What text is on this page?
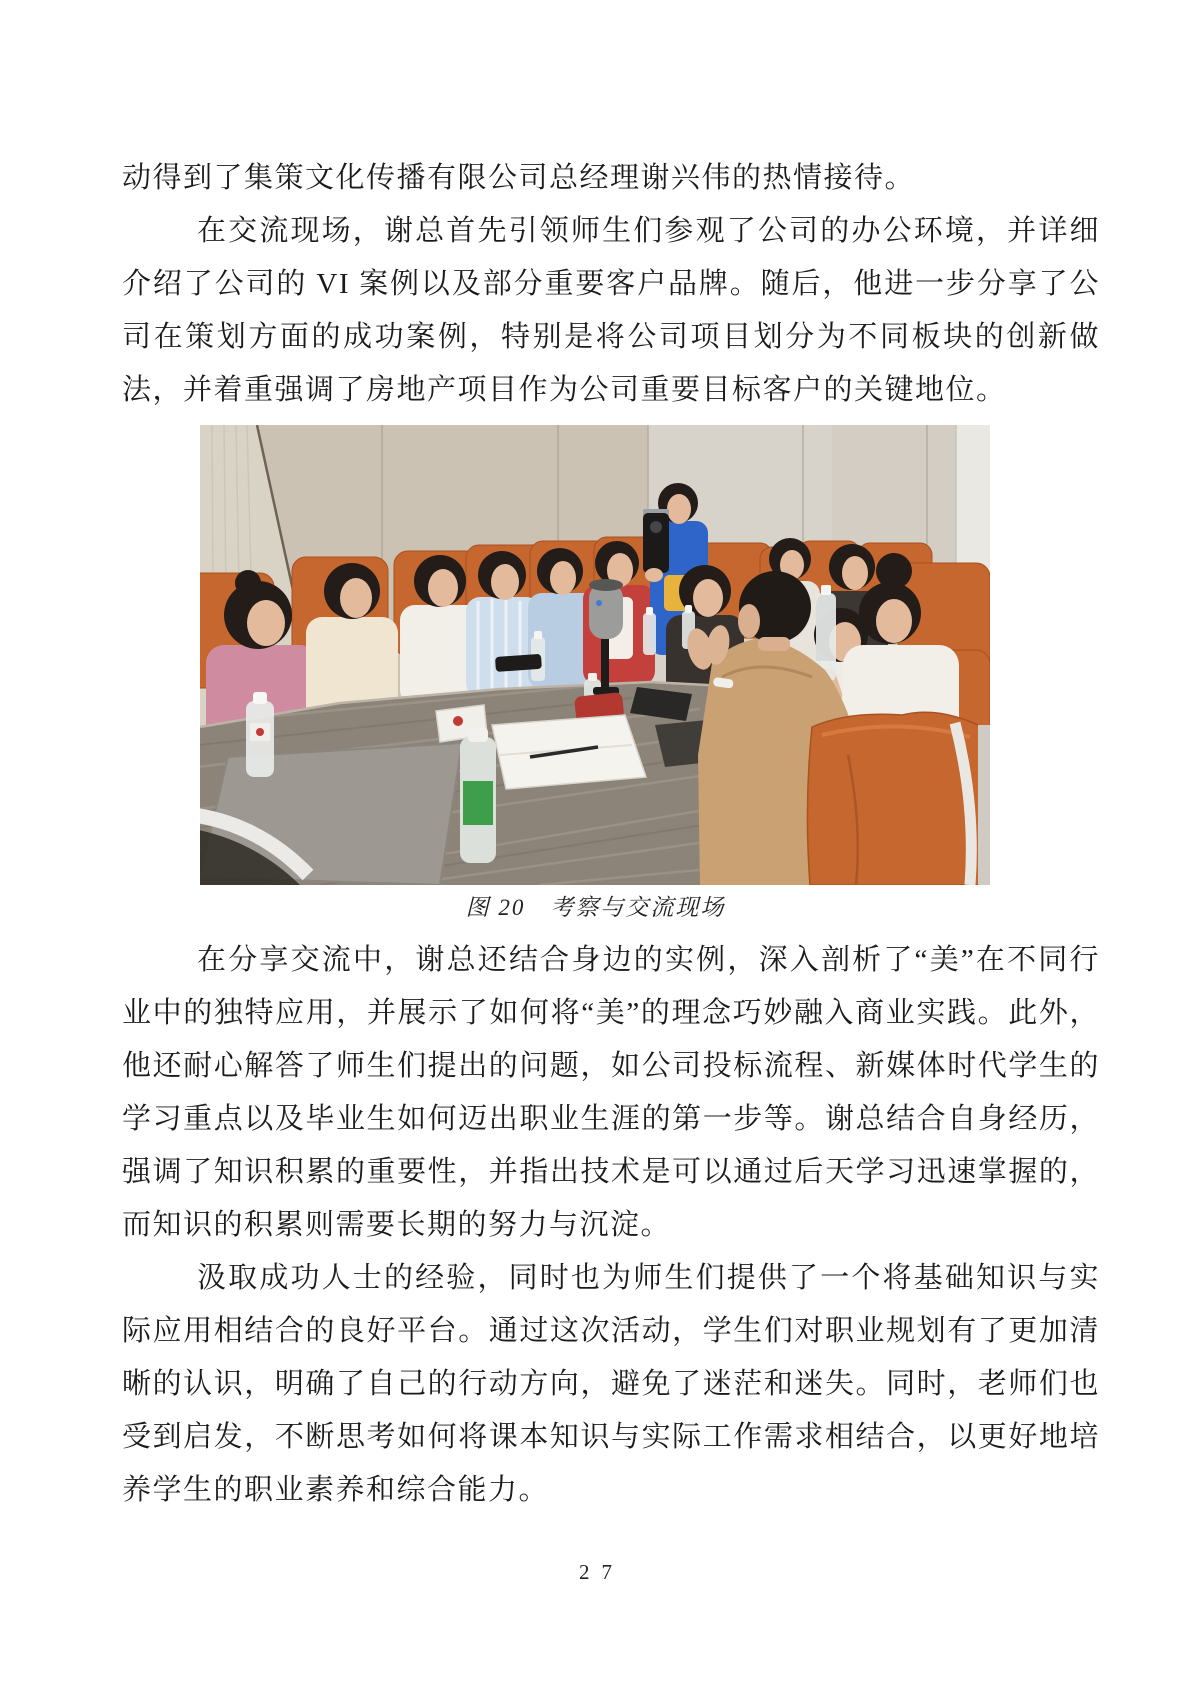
动得到了集策文化传播有限公司总经理谢兴伟的热情接待。

在交流现场，谢总首先引领师生们参观了公司的办公环境，并详细介绍了公司的 VI 案例以及部分重要客户品牌。随后，他进一步分享了公司在策划方面的成功案例，特别是将公司项目划分为不同板块的创新做法，并着重强调了房地产项目作为公司重要目标客户的关键地位。

图 20　考察与交流现场

在分享交流中，谢总还结合身边的实例，深入剖析了“美”在不同行业中的独特应用，并展示了如何将“美”的理念巧妙融入商业实践。此外，他还耐心解答了师生们提出的问题，如公司投标流程、新媒体时代学生的学习重点以及毕业生如何迈出职业生涯的第一步等。谢总结合自身经历，强调了知识积累的重要性，并指出技术是可以通过后天学习迅速掌握的，而知识的积累则需要长期的努力与沉淀。

汲取成功人士的经验，同时也为师生们提供了一个将基础知识与实际应用相结合的良好平台。通过这次活动，学生们对职业规划有了更加清晰的认识，明确了自己的行动方向，避免了迷茫和迷失。同时，老师们也受到启发，不断思考如何将课本知识与实际工作需求相结合，以更好地培养学生的职业素养和综合能力。

27
